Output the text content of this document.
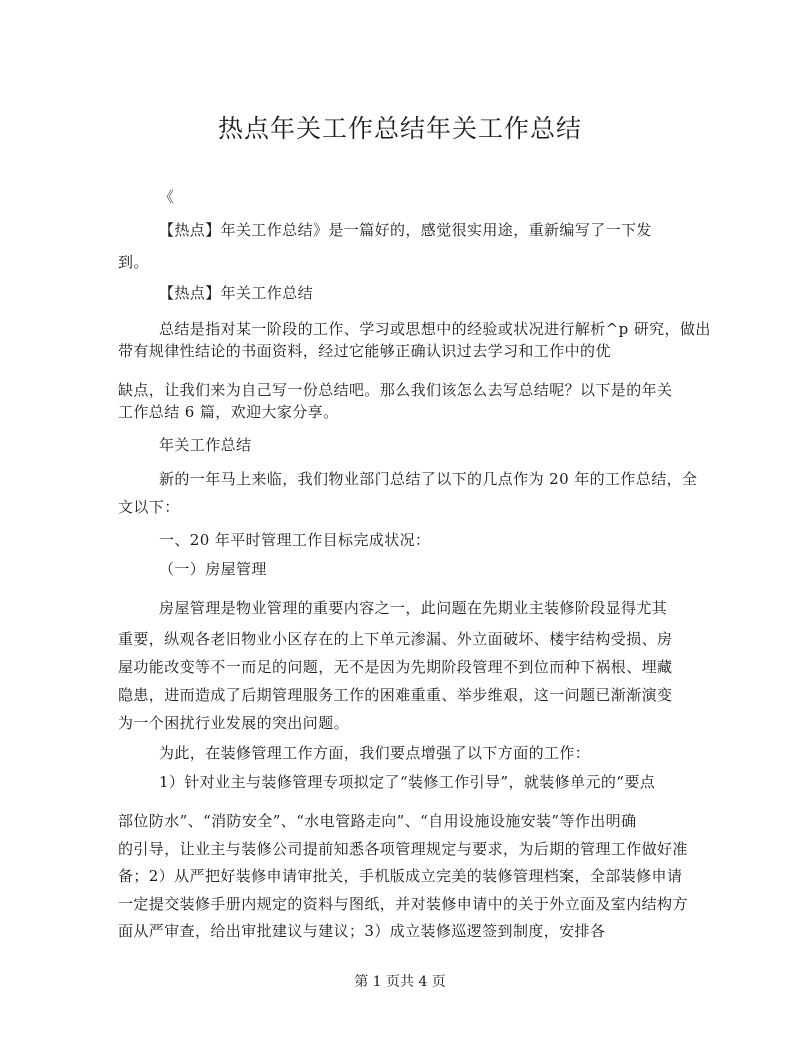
热点年关工作总结年关工作总结
《
【热点】年关工作总结》是一篇好的，感觉很实用途，重新编写了一下发
到。
【热点】年关工作总结
总结是指对某一阶段的工作、学习或思想中的经验或状况进行解析^p 研究，做出
带有规律性结论的书面资料，经过它能够正确认识过去学习和工作中的优
缺点，让我们来为自己写一份总结吧。那么我们该怎么去写总结呢？以下是的年关
工作总结 6 篇，欢迎大家分享。
年关工作总结
新的一年马上来临，我们物业部门总结了以下的几点作为 20 年的工作总结，全
文以下：
一、20 年平时管理工作目标完成状况：
（一）房屋管理
房屋管理是物业管理的重要内容之一，此问题在先期业主装修阶段显得尤其
重要，纵观各老旧物业小区存在的上下单元渗漏、外立面破坏、楼宇结构受损、房
屋功能改变等不一而足的问题，无不是因为先期阶段管理不到位而种下祸根、埋藏
隐患，进而造成了后期管理服务工作的困难重重、举步维艰，这一问题已渐渐演变
为一个困扰行业发展的突出问题。
为此，在装修管理工作方面，我们要点增强了以下方面的工作：
1）针对业主与装修管理专项拟定了“装修工作引导”，就装修单元的“要点
部位防水”、“消防安全”、“水电管路走向”、“自用设施设施安装”等作出明确
的引导，让业主与装修公司提前知悉各项管理规定与要求，为后期的管理工作做好准
备；2）从严把好装修申请审批关，手机版成立完美的装修管理档案，全部装修申请
一定提交装修手册内规定的资料与图纸，并对装修申请中的关于外立面及室内结构方
面从严审查，给出审批建议与建议；3）成立装修巡逻签到制度，安排各
第 1 页共 4 页
